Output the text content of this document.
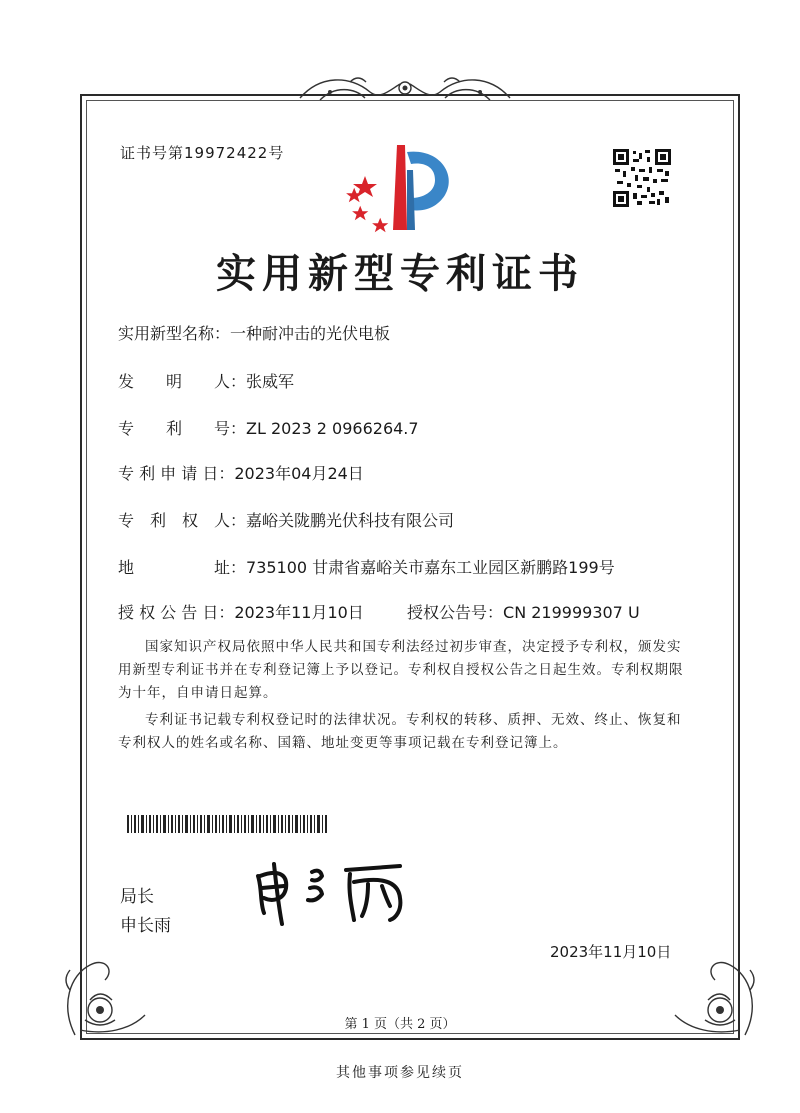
证书号第19972422号
实用新型专利证书
实用新型名称：一种耐冲击的光伏电板
发　　明　　人：张威军
专　　利　　号：ZL 2023 2 0966264.7
专 利 申 请 日：2023年04月24日
专　利　权　人：嘉峪关陇鹏光伏科技有限公司
地　　　　　址：735100 甘肃省嘉峪关市嘉东工业园区新鹏路199号
授 权 公 告 日：2023年11月10日	授权公告号：CN 219999307 U
国家知识产权局依照中华人民共和国专利法经过初步审查，决定授予专利权，颁发实用新型专利证书并在专利登记簿上予以登记。专利权自授权公告之日起生效。专利权期限为十年，自申请日起算。
专利证书记载专利权登记时的法律状况。专利权的转移、质押、无效、终止、恢复和专利权人的姓名或名称、国籍、地址变更等事项记载在专利登记簿上。
局长
申长雨
2023年11月10日
第 1 页（共 2 页）
其他事项参见续页
